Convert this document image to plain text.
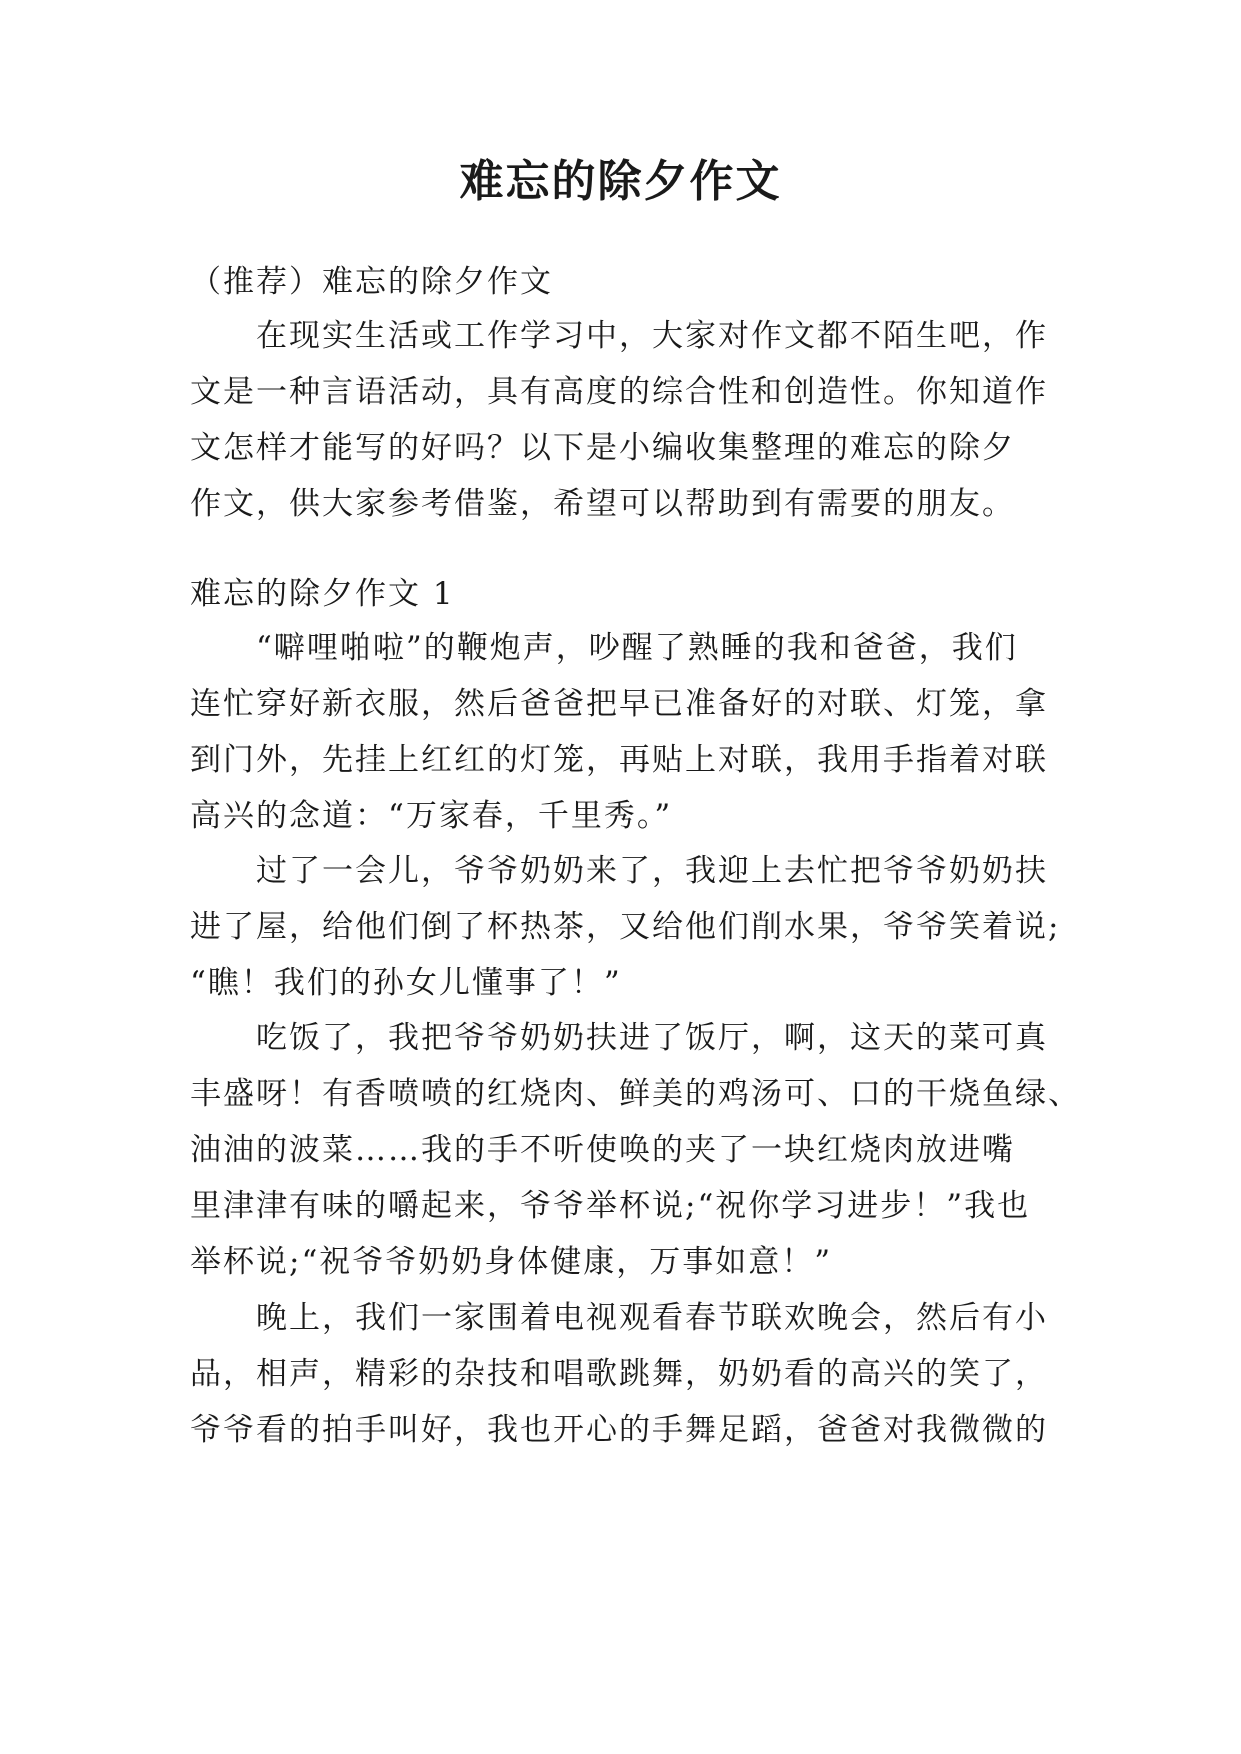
难忘的除夕作文
（推荐）难忘的除夕作文
在现实生活或工作学习中，大家对作文都不陌生吧，作
文是一种言语活动，具有高度的综合性和创造性。你知道作
文怎样才能写的好吗？以下是小编收集整理的难忘的除夕
作文，供大家参考借鉴，希望可以帮助到有需要的朋友。
难忘的除夕作文 1
“噼哩啪啦”的鞭炮声，吵醒了熟睡的我和爸爸，我们
连忙穿好新衣服，然后爸爸把早已准备好的对联、灯笼，拿
到门外，先挂上红红的灯笼，再贴上对联，我用手指着对联
高兴的念道：“万家春，千里秀。”
过了一会儿，爷爷奶奶来了，我迎上去忙把爷爷奶奶扶
进了屋，给他们倒了杯热茶，又给他们削水果，爷爷笑着说;
“瞧！我们的孙女儿懂事了！”
吃饭了，我把爷爷奶奶扶进了饭厅，啊，这天的菜可真
丰盛呀！有香喷喷的红烧肉、鲜美的鸡汤可、口的干烧鱼绿、
油油的波菜……我的手不听使唤的夹了一块红烧肉放进嘴
里津津有味的嚼起来，爷爷举杯说;“祝你学习进步！”我也
举杯说;“祝爷爷奶奶身体健康，万事如意！”
晚上，我们一家围着电视观看春节联欢晚会，然后有小
品，相声，精彩的杂技和唱歌跳舞，奶奶看的高兴的笑了，
爷爷看的拍手叫好，我也开心的手舞足蹈，爸爸对我微微的
